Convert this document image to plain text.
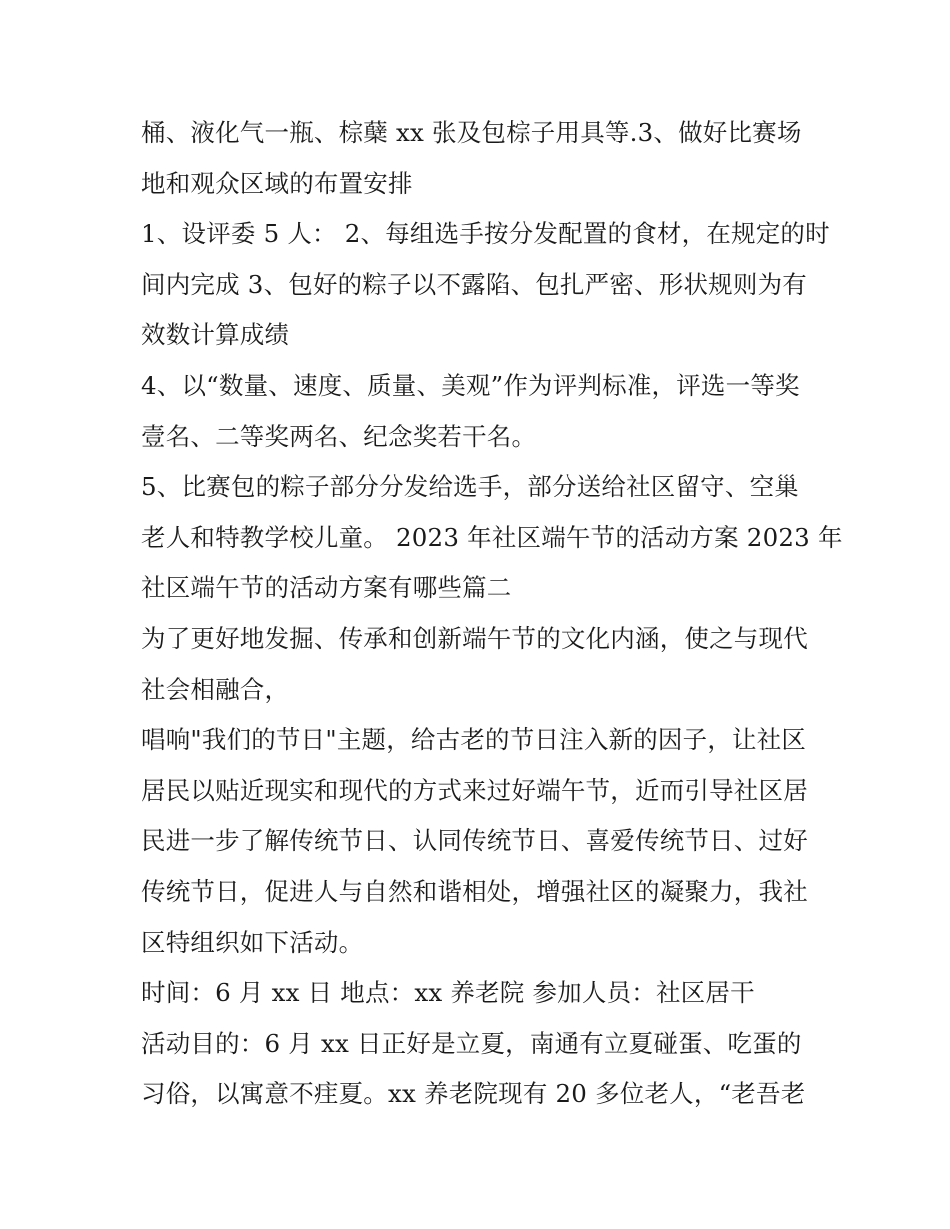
桶、液化气一瓶、棕蘖 xx 张及包棕子用具等.3、做好比赛场
地和观众区域的布置安排
1、设评委 5 人： 2、每组选手按分发配置的食材，在规定的时
间内完成 3、包好的粽子以不露陷、包扎严密、形状规则为有
效数计算成绩
4、以“数量、速度、质量、美观”作为评判标准，评选一等奖
壹名、二等奖两名、纪念奖若干名。
5、比赛包的粽子部分分发给选手，部分送给社区留守、空巢
老人和特教学校儿童。 2023 年社区端午节的活动方案 2023 年
社区端午节的活动方案有哪些篇二
为了更好地发掘、传承和创新端午节的文化内涵，使之与现代
社会相融合，
唱响"我们的节日"主题，给古老的节日注入新的因子，让社区
居民以贴近现实和现代的方式来过好端午节，近而引导社区居
民进一步了解传统节日、认同传统节日、喜爱传统节日、过好
传统节日，促进人与自然和谐相处，增强社区的凝聚力，我社
区特组织如下活动。
时间：6 月 xx 日 地点：xx 养老院 参加人员：社区居干
活动目的：6 月 xx 日正好是立夏，南通有立夏碰蛋、吃蛋的
习俗，以寓意不疰夏。xx 养老院现有 20 多位老人，“老吾老
